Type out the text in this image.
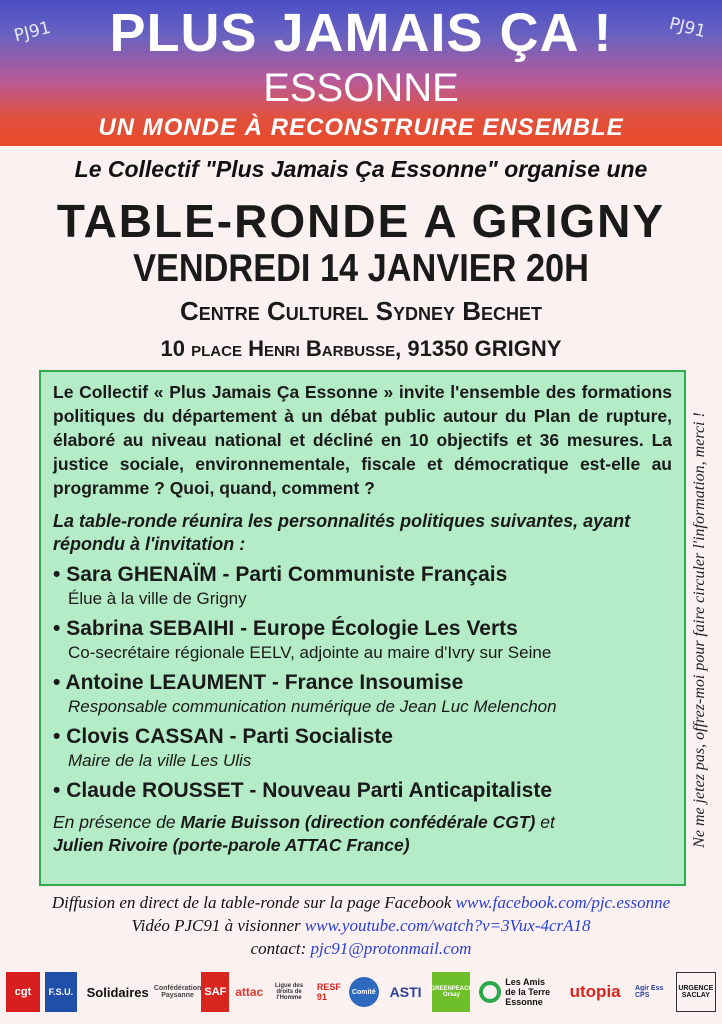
PJ91	PJ91
PLUS JAMAIS ÇA !
ESSONNE
UN MONDE À RECONSTRUIRE ENSEMBLE
Le Collectif "Plus Jamais Ça Essonne" organise une
TABLE-RONDE A GRIGNY
VENDREDI 14 JANVIER 20H
Centre Culturel Sydney Bechet
10 place Henri Barbusse, 91350 GRIGNY

Le Collectif « Plus Jamais Ça Essonne » invite l'ensemble des formations politiques du département à un débat public autour du Plan de rupture, élaboré au niveau national et décliné en 10 objectifs et 36 mesures. La justice sociale, environnementale, fiscale et démocratique est-elle au programme ? Quoi, quand, comment ?

La table-ronde réunira les personnalités politiques suivantes, ayant répondu à l'invitation :
• Sara GHENAÏM - Parti Communiste Français
Élue à la ville de Grigny
• Sabrina SEBAIHI - Europe Écologie Les Verts
Co-secrétaire régionale EELV, adjointe au maire d'Ivry sur Seine
• Antoine LEAUMENT - France Insoumise
Responsable communication numérique de Jean Luc Melenchon
• Clovis CASSAN - Parti Socialiste
Maire de la ville Les Ulis
• Claude ROUSSET - Nouveau Parti Anticapitaliste
En présence de Marie Buisson (direction confédérale CGT) et
Julien Rivoire (porte-parole ATTAC France)	Ne me jetez pas, offrez-moi pour faire circuler l'information, merci !
Diffusion en direct de la table-ronde sur la page Facebook www.facebook.com/pjc.essonne
Vidéo PJC91 à visionner www.youtube.com/watch?v=3Vux-4crA18
contact: pjc91@protonmail.com
cgt	F.S.U.	Solidaires Confédération Paysanne SAF attac	Ligue des droits de l'Homme
RESF 91	Comité	ASTI	GREENPEACE Orsay
Les Amis de la Terre Essonne
utopia	Agir Ess CPS
URGENCE SACLAY
